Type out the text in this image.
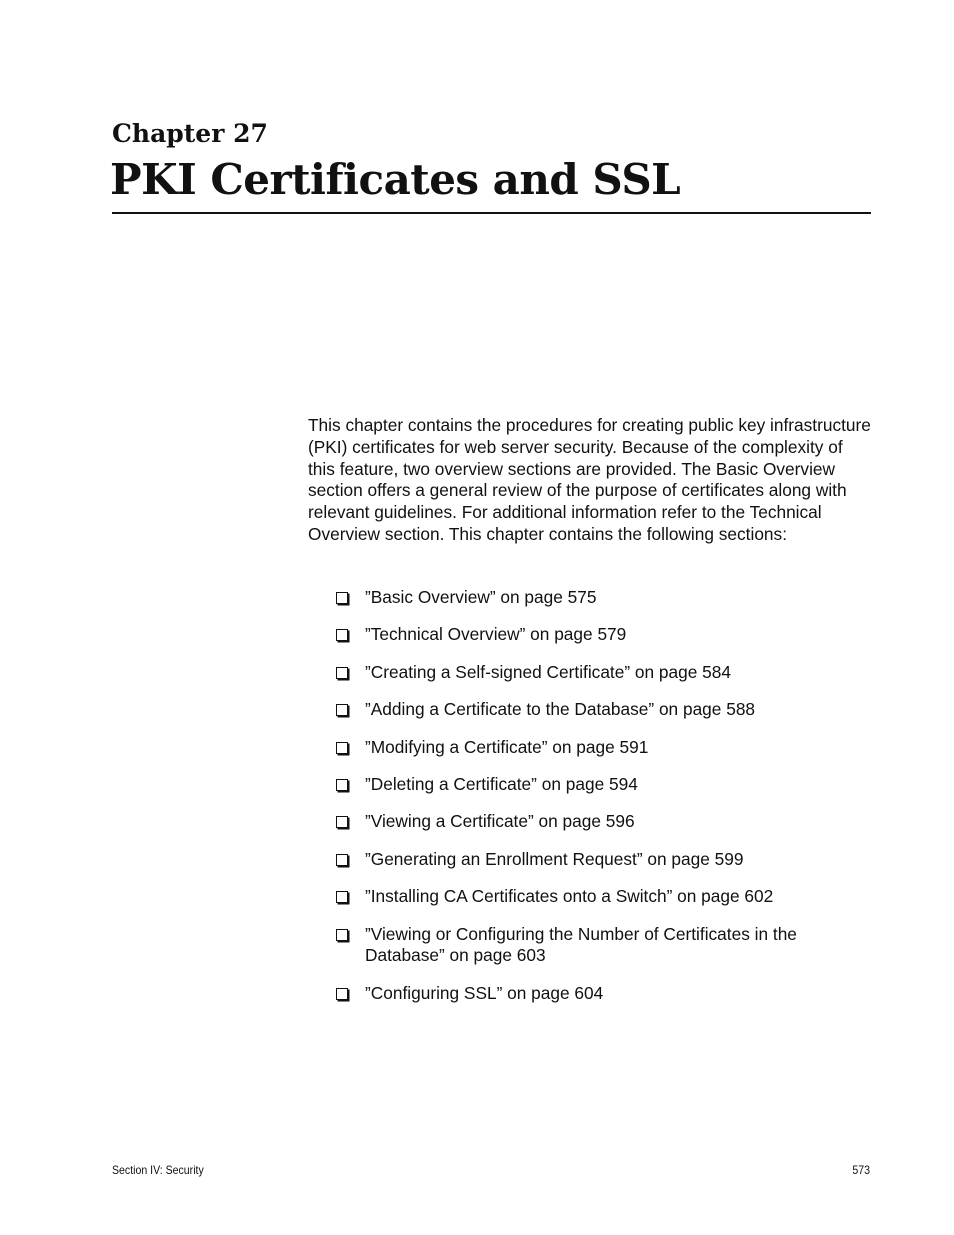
Chapter 27
PKI Certificates and SSL

This chapter contains the procedures for creating public key infrastructure (PKI) certificates for web server security. Because of the complexity of this feature, two overview sections are provided. The Basic Overview section offers a general review of the purpose of certificates along with relevant guidelines. For additional information refer to the Technical Overview section. This chapter contains the following sections:

”Basic Overview” on page 575
”Technical Overview” on page 579
”Creating a Self-signed Certificate” on page 584
”Adding a Certificate to the Database” on page 588
”Modifying a Certificate” on page 591
”Deleting a Certificate” on page 594
”Viewing a Certificate” on page 596
”Generating an Enrollment Request” on page 599
”Installing CA Certificates onto a Switch” on page 602
”Viewing or Configuring the Number of Certificates in the Database” on page 603
”Configuring SSL” on page 604
Section IV: Security	573
